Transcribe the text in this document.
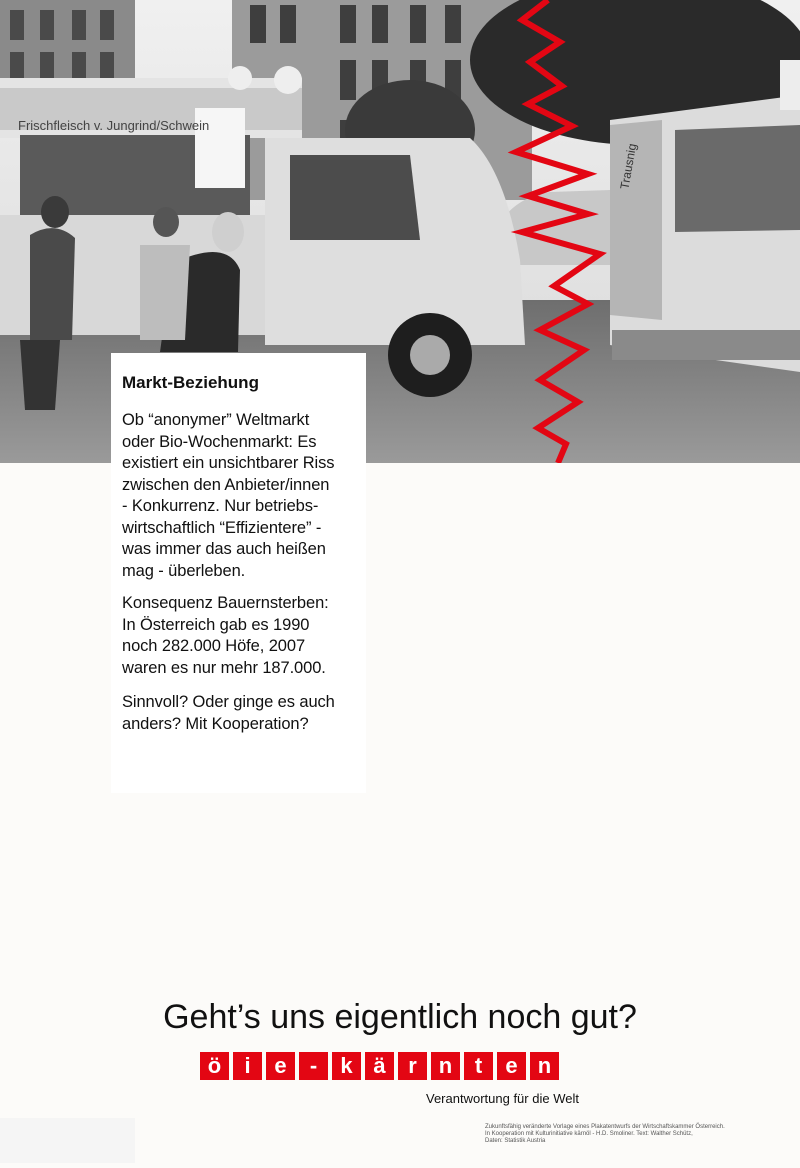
Frischfleisch v. Jungrind/Schwein
Trausnig
Markt-Beziehung

Ob “anonymer” Weltmarkt
oder Bio-Wochenmarkt: Es
existiert ein unsichtbarer Riss
zwischen den Anbieter/innen
- Konkurrenz. Nur betriebs-
wirtschaftlich “Effizientere” -
was immer das auch heißen
mag - überleben.

Konsequenz Bauernsterben:
In Österreich gab es 1990
noch 282.000 Höfe, 2007
waren es nur mehr 187.000.

Sinnvoll? Oder ginge es auch
anders? Mit Kooperation?

Geht’s uns eigentlich noch gut?
ö	i	e	-	k ä	r n	t	e n
Verantwortung für die Welt
Zukunftsfähig veränderte Vorlage eines Plakatentwurfs der Wirtschaftskammer Österreich.
In Kooperation mit Kulturinitiative kärnöl - H.D. Smoliner. Text: Walther Schütz,
Daten: Statistik Austria
